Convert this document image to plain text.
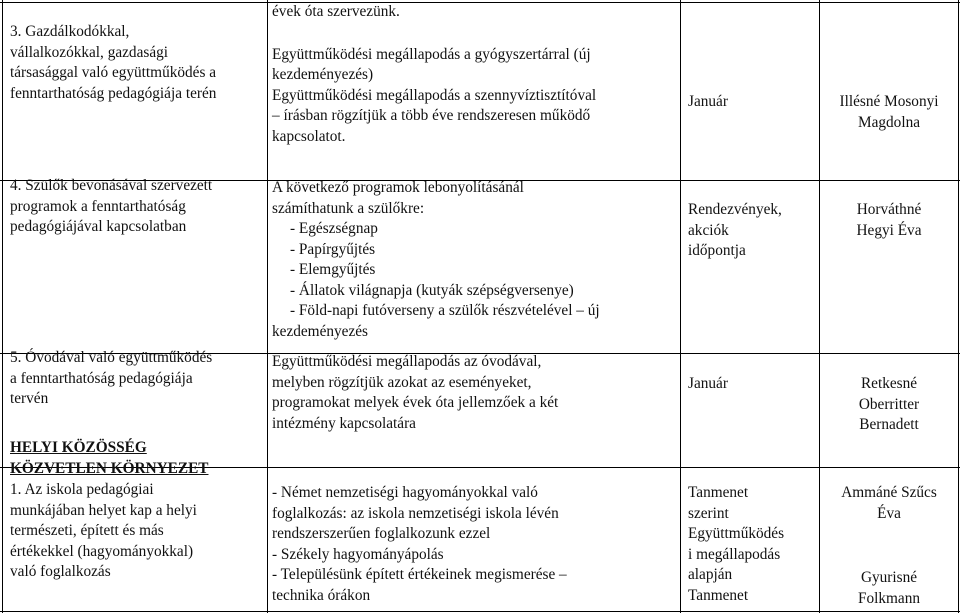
3. Gazdálkodókkal,
vállalkozókkal, gazdasági
társasággal való együttműködés a
fenntarthatóság pedagógiája terén
évek óta szervezünk.
Együttműködési megállapodás a gyógyszertárral (új
kezdeményezés)
Együttműködési megállapodás a szennyvíztisztítóval
– írásban rögzítjük a több éve rendszeresen működő
kapcsolatot.
Január	Illésné Mosonyi
Magdolna
4. Szülők bevonásával szervezett
programok a fenntarthatóság
pedagógiájával kapcsolatban
A következő programok lebonyolításánál
számíthatunk a szülőkre:
- Egészségnap
- Papírgyűjtés
- Elemgyűjtés
- Állatok világnapja (kutyák szépségversenye)
- Föld-napi futóverseny a szülők részvételével – új
kezdeményezés
Rendezvények,
akciók
időpontja
Horváthné
Hegyi Éva
5. Óvodával való együttműködés
a fenntarthatóság pedagógiája
tervén
Együttműködési megállapodás az óvodával,
melyben rögzítjük azokat az eseményeket,
programokat melyek évek óta jellemzőek a két
intézmény kapcsolatára
Január	Retkesné
Oberritter
Bernadett
HELYI KÖZÖSSÉG
KÖZVETLEN KÖRNYEZET
1. Az iskola pedagógiai
munkájában helyet kap a helyi
természeti, épített és más
értékekkel (hagyományokkal)
való foglalkozás
- Német nemzetiségi hagyományokkal való
foglalkozás: az iskola nemzetiségi iskola lévén
rendszerszerűen foglalkozunk ezzel
- Székely hagyományápolás
- Településünk épített értékeinek megismerése –
technika órákon
Tanmenet
szerint
Együttműködés
i megállapodás
alapján
Tanmenet
Ammáné Szűcs
Éva
Gyurisné
Folkmann
